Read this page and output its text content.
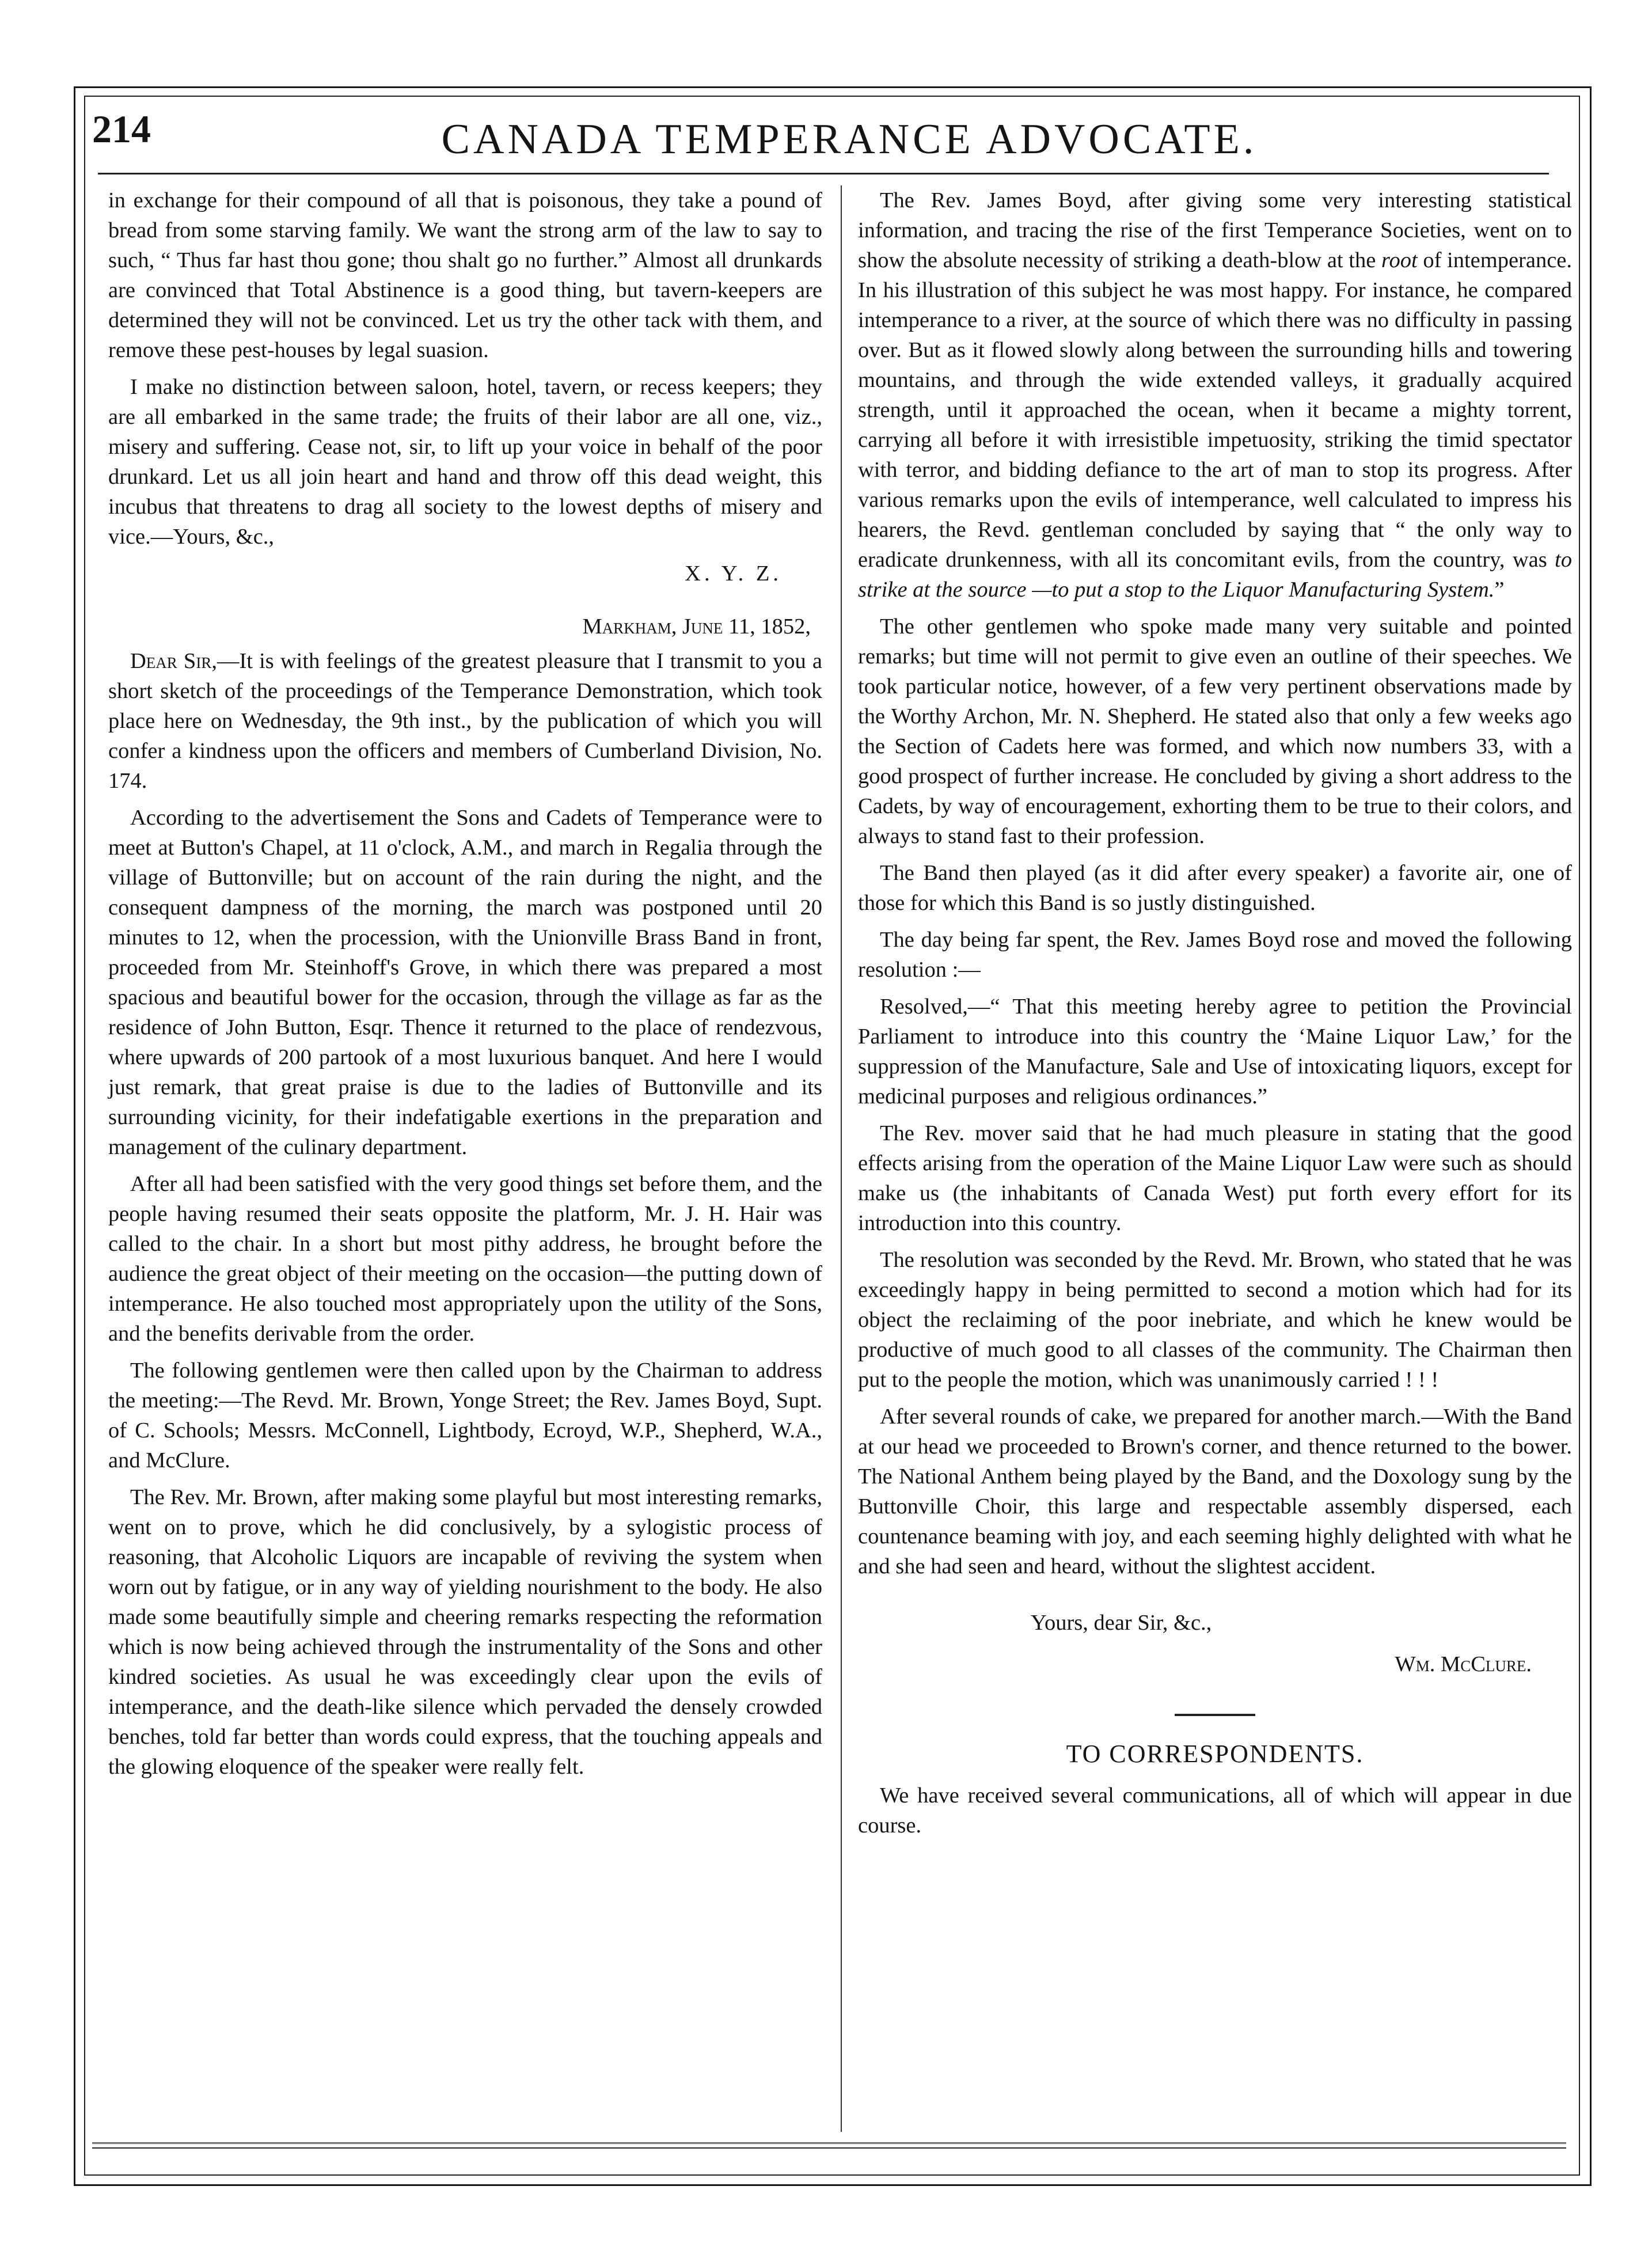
214	CANADA TEMPERANCE ADVOCATE.

in exchange for their compound of all that is poisonous, they take a pound of bread from some starving family. We want the strong arm of the law to say to such, “ Thus far hast thou gone; thou shalt go no further.” Almost all drunkards are convinced that Total Abstinence is a good thing, but tavern-keepers are determined they will not be convinced. Let us try the other tack with them, and remove these pest-houses by legal suasion.

I make no distinction between saloon, hotel, tavern, or recess keepers; they are all embarked in the same trade; the fruits of their labor are all one, viz., misery and suffering. Cease not, sir, to lift up your voice in behalf of the poor drunkard. Let us all join heart and hand and throw off this dead weight, this incubus that threatens to drag all society to the lowest depths of misery and vice.—Yours, &c.,

X. Y. Z.
Markham, June 11, 1852,

Dear Sir,—It is with feelings of the greatest pleasure that I transmit to you a short sketch of the proceedings of the Temperance Demonstration, which took place here on Wednesday, the 9th inst., by the publication of which you will confer a kindness upon the officers and members of Cumberland Division, No. 174.

According to the advertisement the Sons and Cadets of Temperance were to meet at Button's Chapel, at 11 o'clock, A.M., and march in Regalia through the village of Buttonville; but on account of the rain during the night, and the consequent dampness of the morning, the march was postponed until 20 minutes to 12, when the procession, with the Unionville Brass Band in front, proceeded from Mr. Steinhoff's Grove, in which there was prepared a most spacious and beautiful bower for the occasion, through the village as far as the residence of John Button, Esqr. Thence it returned to the place of rendezvous, where upwards of 200 partook of a most luxurious banquet. And here I would just remark, that great praise is due to the ladies of Buttonville and its surrounding vicinity, for their indefatigable exertions in the preparation and management of the culinary department.

After all had been satisfied with the very good things set before them, and the people having resumed their seats opposite the platform, Mr. J. H. Hair was called to the chair. In a short but most pithy address, he brought before the audience the great object of their meeting on the occasion—the putting down of intemperance. He also touched most appropriately upon the utility of the Sons, and the benefits derivable from the order.

The following gentlemen were then called upon by the Chairman to address the meeting:—The Revd. Mr. Brown, Yonge Street; the Rev. James Boyd, Supt. of C. Schools; Messrs. McConnell, Lightbody, Ecroyd, W.P., Shepherd, W.A., and McClure.

The Rev. Mr. Brown, after making some playful but most interesting remarks, went on to prove, which he did conclusively, by a sylogistic process of reasoning, that Alcoholic Liquors are incapable of reviving the system when worn out by fatigue, or in any way of yielding nourishment to the body. He also made some beautifully simple and cheering remarks respecting the reformation which is now being achieved through the instrumentality of the Sons and other kindred societies. As usual he was exceedingly clear upon the evils of intemperance, and the death-like silence which pervaded the densely crowded benches, told far better than words could express, that the touching appeals and the glowing eloquence of the speaker were really felt.

The Rev. James Boyd, after giving some very interesting statistical information, and tracing the rise of the first Temperance Societies, went on to show the absolute necessity of striking a death-blow at the root of intemperance. In his illustration of this subject he was most happy. For instance, he compared intemperance to a river, at the source of which there was no difficulty in passing over. But as it flowed slowly along between the surrounding hills and towering mountains, and through the wide extended valleys, it gradually acquired strength, until it approached the ocean, when it became a mighty torrent, carrying all before it with irresistible impetuosity, striking the timid spectator with terror, and bidding defiance to the art of man to stop its progress. After various remarks upon the evils of intemperance, well calculated to impress his hearers, the Revd. gentleman concluded by saying that “ the only way to eradicate drunkenness, with all its concomitant evils, from the country, was to strike at the source —to put a stop to the Liquor Manufacturing System.”

The other gentlemen who spoke made many very suitable and pointed remarks; but time will not permit to give even an outline of their speeches. We took particular notice, however, of a few very pertinent observations made by the Worthy Archon, Mr. N. Shepherd. He stated also that only a few weeks ago the Section of Cadets here was formed, and which now numbers 33, with a good prospect of further increase. He concluded by giving a short address to the Cadets, by way of encouragement, exhorting them to be true to their colors, and always to stand fast to their profession.

The Band then played (as it did after every speaker) a favorite air, one of those for which this Band is so justly distinguished.

The day being far spent, the Rev. James Boyd rose and moved the following resolution :—

Resolved,—“ That this meeting hereby agree to petition the Provincial Parliament to introduce into this country the ‘Maine Liquor Law,’ for the suppression of the Manufacture, Sale and Use of intoxicating liquors, except for medicinal purposes and religious ordinances.”

The Rev. mover said that he had much pleasure in stating that the good effects arising from the operation of the Maine Liquor Law were such as should make us (the inhabitants of Canada West) put forth every effort for its introduction into this country.

The resolution was seconded by the Revd. Mr. Brown, who stated that he was exceedingly happy in being permitted to second a motion which had for its object the reclaiming of the poor inebriate, and which he knew would be productive of much good to all classes of the community. The Chairman then put to the people the motion, which was unanimously carried ! ! !

After several rounds of cake, we prepared for another march.—With the Band at our head we proceeded to Brown's corner, and thence returned to the bower. The National Anthem being played by the Band, and the Doxology sung by the Buttonville Choir, this large and respectable assembly dispersed, each countenance beaming with joy, and each seeming highly delighted with what he and she had seen and heard, without the slightest accident.

Yours, dear Sir, &c.,
Wm. McClure.
TO CORRESPONDENTS.

We have received several communications, all of which will appear in due course.
